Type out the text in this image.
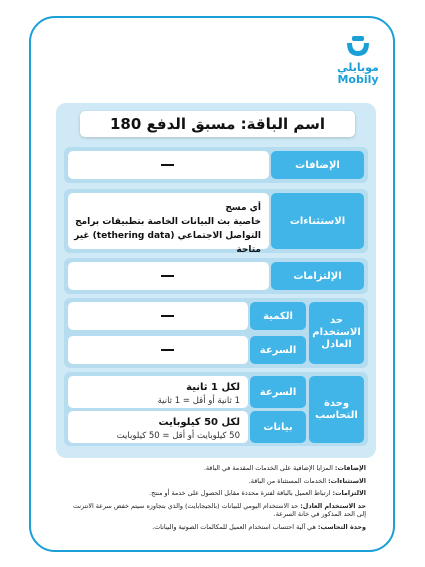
موبايلي
Mobily
اسم الباقة: مسبق الدفع 180
الإضافات
أي مسج
خاصية بث البيانات الخاصة بتطبيقات برامج
التواصل الاجتماعي (tethering data) غير متاحة
الاستثناءات
الإلتزامات
الكمية
السرعة
حد الاستخدام العادل
لكل 1 ثانية
1 ثانية أو أقل = 1 ثانية
السرعة
لكل 50 كيلوبايت
50 كيلوبايت أو أقل = 50 كيلوبايت
بيانات
وحدة التحاسب

الإضافات: المزايا الإضافية على الخدمات المقدمة في الباقة.

الاستثناءات: الخدمات المستثناة من الباقة.

الالتزامات: ارتباط العميل بالباقة لفترة محددة مقابل الحصول على خدمة أو منتج.

حد الاستخدام العادل: حد الاستخدام اليومي للبيانات (بالجيجابايت) والذي بتجاوزه سيتم خفض سرعة الانترنت إلى الحد المذكور في خانة السرعة.

وحدة التحاسب: هي آلية احتساب استخدام العميل للمكالمات الصوتية والبيانات.
